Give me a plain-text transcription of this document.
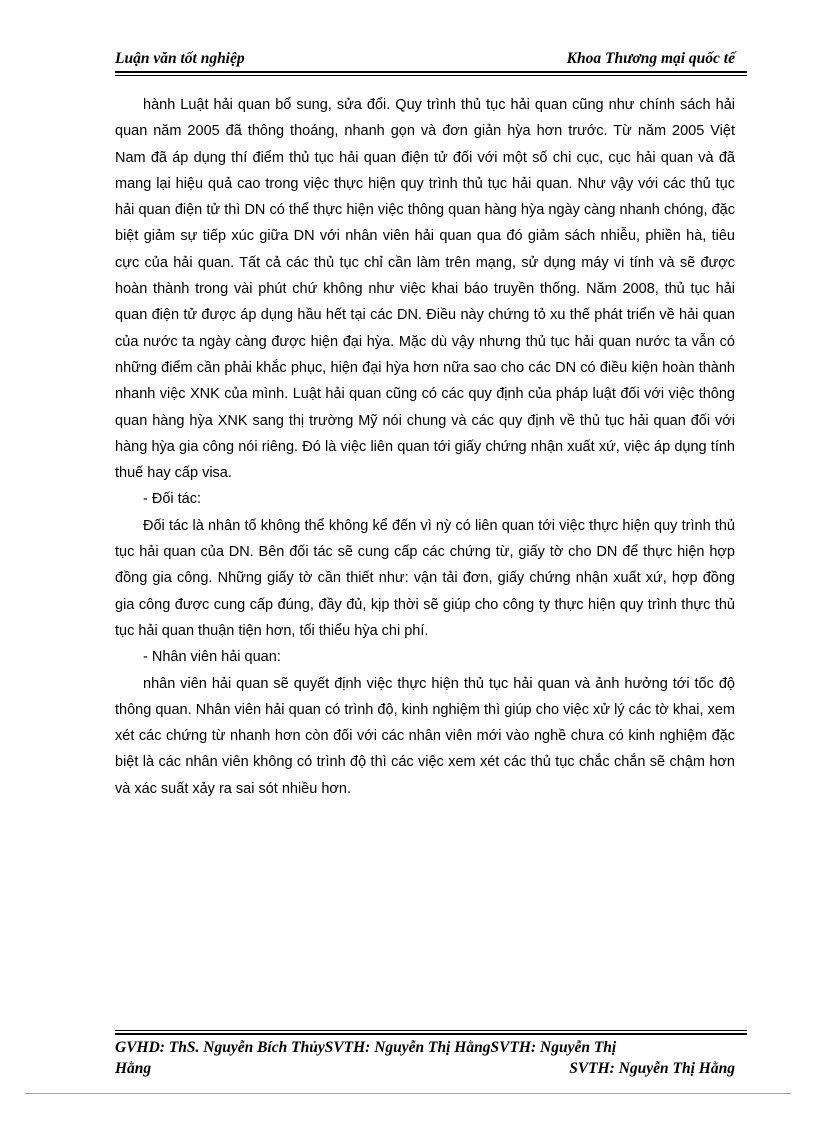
Luận văn tốt nghiệp	Khoa Thương mại quốc tế

hành Luật hải quan bổ sung, sửa đổi. Quy trình thủ tục hải quan cũng như chính sách hải quan năm 2005 đã thông thoáng, nhanh gọn và đơn giản hỳa hơn trước. Từ năm 2005 Việt Nam đã áp dụng thí điểm thủ tục hải quan điện tử đối với một số chi cục, cục hải quan và đã mang lại hiệu quả cao trong việc thực hiện quy trình thủ tục hải quan. Như vậy với các thủ tục hải quan điện tử thì DN có thể thực hiện việc thông quan hàng hỳa ngày càng nhanh chóng, đặc biệt giảm sự tiếp xúc giữa DN với nhân viên hải quan qua đó giảm sách nhiễu, phiền hà, tiêu cực của hải quan. Tất cả các thủ tục chỉ cần làm trên mạng, sử dụng máy vi tính và sẽ được hoàn thành trong vài phút chứ không như việc khai báo truyền thống. Năm 2008, thủ tục hải quan điện tử được áp dụng hầu hết tại các DN. Điều này chứng tỏ xu thế phát triển về hải quan của nước ta ngày càng được hiện đại hỳa. Mặc dù vậy nhưng thủ tục hải quan nước ta vẫn có những điểm cần phải khắc phục, hiện đại hỳa hơn nữa sao cho các DN có điều kiện hoàn thành nhanh việc XNK của mình. Luật hải quan cũng có các quy định của pháp luật đối với việc thông quan hàng hỳa XNK sang thị trường Mỹ nói chung và các quy định về thủ tục hải quan đối với hàng hỳa gia công nói riêng. Đó là việc liên quan tới giấy chứng nhận xuất xứ, việc áp dụng tính thuế hay cấp visa.

- Đối tác:

Đối tác là nhân tố không thể không kể đến vì nỳ có liên quan tới việc thực hiện quy trình thủ tục hải quan của DN. Bên đối tác sẽ cung cấp các chứng từ, giấy tờ cho DN để thực hiện hợp đồng gia công. Những giấy tờ cần thiết như: vận tải đơn, giấy chứng nhận xuất xứ, hợp đồng gia công được cung cấp đúng, đầy đủ, kịp thời sẽ giúp cho công ty thực hiện quy trình thực thủ tục hải quan thuận tiện hơn, tối thiểu hỳa chi phí.

- Nhân viên hải quan:

nhân viên hải quan sẽ quyết định việc thực hiện thủ tục hải quan và ảnh hưởng tới tốc độ thông quan. Nhân viên hải quan có trình độ, kinh nghiệm thì giúp cho việc xử lý các tờ khai, xem xét các chứng từ nhanh hơn còn đối với các nhân viên mới vào nghề chưa có kinh nghiệm đặc biệt là các nhân viên không có trình độ thì các việc xem xét các thủ tục chắc chắn sẽ chậm hơn và xác suất xảy ra sai sót nhiều hơn.

GVHD: ThS. Nguyễn Bích ThủySVTH: Nguyễn Thị HằngSVTH: Nguyễn Thị
Hằng	SVTH: Nguyễn Thị Hằng
